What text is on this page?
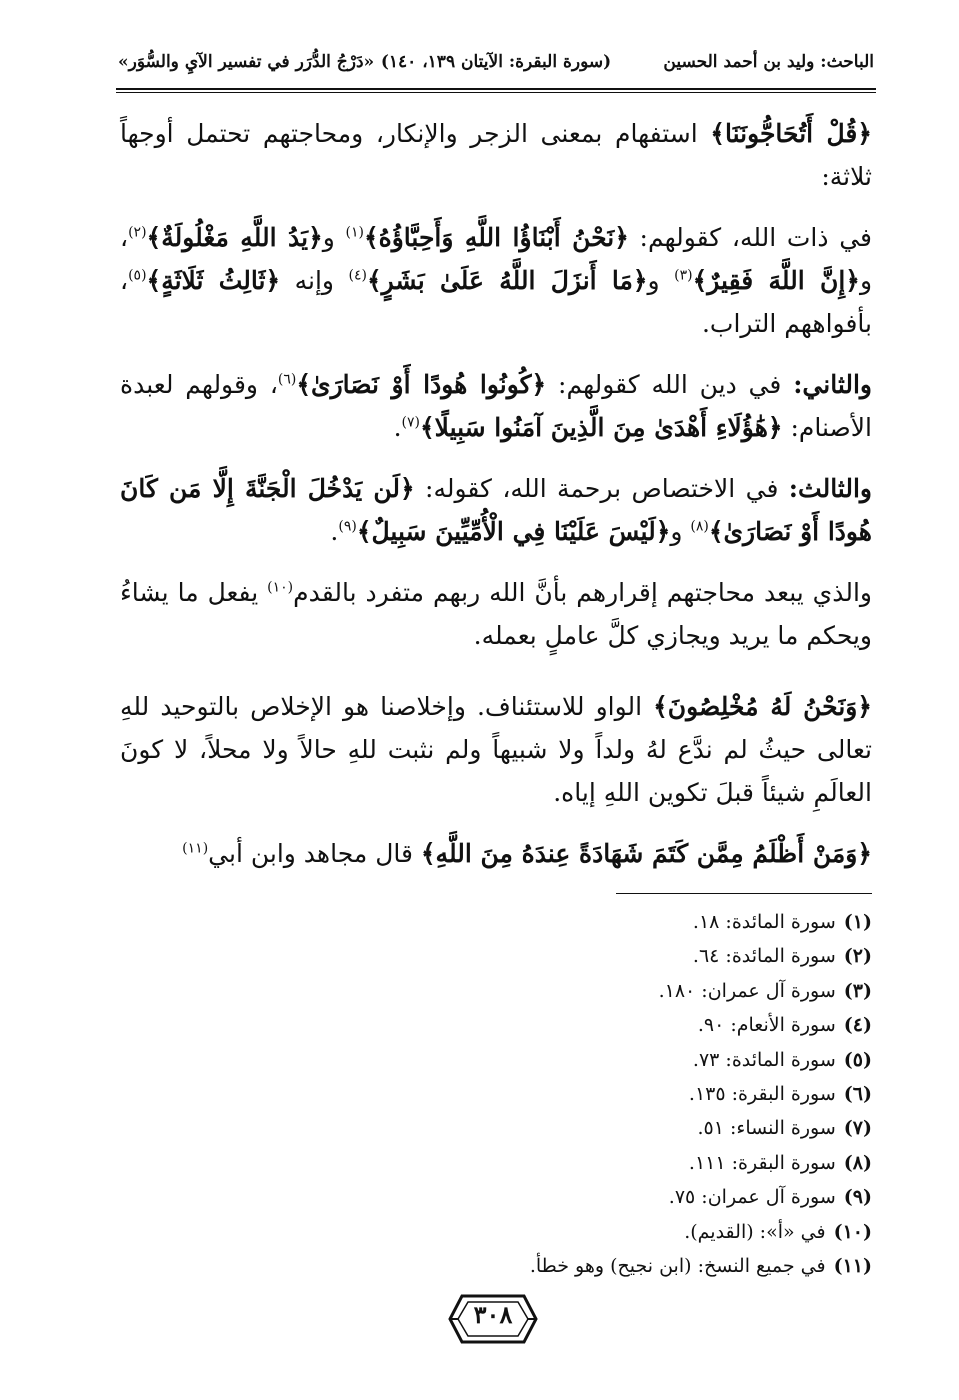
الباحث: وليد بن أحمد الحسين
(سورة البقرة: الآيتان ١٣٩، ١٤٠)
«دَرْجُ الدُّرَر في تفسير الآيِ والسُّوَر»

﴿قُلْ أَتُحَاجُّونَنَا﴾ استفهام بمعنى الزجر والإنكار، ومحاجتهم تحتمل أوجهاً ثلاثة:

في ذات الله، كقولهم: ﴿نَحْنُ أَبْنَاؤُا اللَّهِ وَأَحِبَّاؤُهُ﴾$^{(١)}$ و﴿يَدُ اللَّهِ مَغْلُولَةٌ﴾$^{(٢)}$، و﴿إِنَّ اللَّهَ فَقِيرٌ﴾$^{(٣)}$ و﴿مَا أَنزَلَ اللَّهُ عَلَىٰ بَشَرٍ﴾$^{(٤)}$ وإنه ﴿ثَالِثُ ثَلَاثَةٍ﴾$^{(٥)}$، بأفواههم التراب.

والثاني: في دين الله كقولهم: ﴿كُونُوا هُودًا أَوْ نَصَارَىٰ﴾$^{(٦)}$، وقولهم لعبدة الأصنام: ﴿هَٰؤُلَاءِ أَهْدَىٰ مِنَ الَّذِينَ آمَنُوا سَبِيلًا﴾$^{(٧)}$.

والثالث: في الاختصاص برحمة الله، كقوله: ﴿لَن يَدْخُلَ الْجَنَّةَ إِلَّا مَن كَانَ هُودًا أَوْ نَصَارَىٰ﴾$^{(٨)}$ و﴿لَيْسَ عَلَيْنَا فِي الْأُمِّيِّينَ سَبِيلٌ﴾$^{(٩)}$.

والذي يبعد محاجتهم إقرارهم بأنَّ الله ربهم متفرد بالقدم$^{(١٠)}$ يفعل ما يشاءُ ويحكم ما يريد ويجازي كلَّ عاملٍ بعمله.

﴿وَنَحْنُ لَهُ مُخْلِصُونَ﴾ الواو للاستئناف. وإخلاصنا هو الإخلاص بالتوحيد للهِ تعالى حيثُ لم ندَّع لهُ ولداً ولا شبيهاً ولم نثبت للهِ حالاً ولا محلاً، لا كونَ العالَمِ شيئاً قبلَ تكوين اللهِ إياه.

﴿وَمَنْ أَظْلَمُ مِمَّن كَتَمَ شَهَادَةً عِندَهُ مِنَ اللَّهِ﴾ قال مجاهد وابن أبي$^{(١١)}$

(١)سورة المائدة: ١٨.
(٢)سورة المائدة: ٦٤.
(٣)سورة آل عمران: ١٨٠.
(٤)سورة الأنعام: ٩٠.
(٥)سورة المائدة: ٧٣.
(٦)سورة البقرة: ١٣٥.
(٧)سورة النساء: ٥١.
(٨)سورة البقرة: ١١١.
(٩)سورة آل عمران: ٧٥.
(١٠)في «أ»: (القديم).
(١١)في جميع النسخ: (ابن نجيح) وهو خطأ.
٣٠٨
